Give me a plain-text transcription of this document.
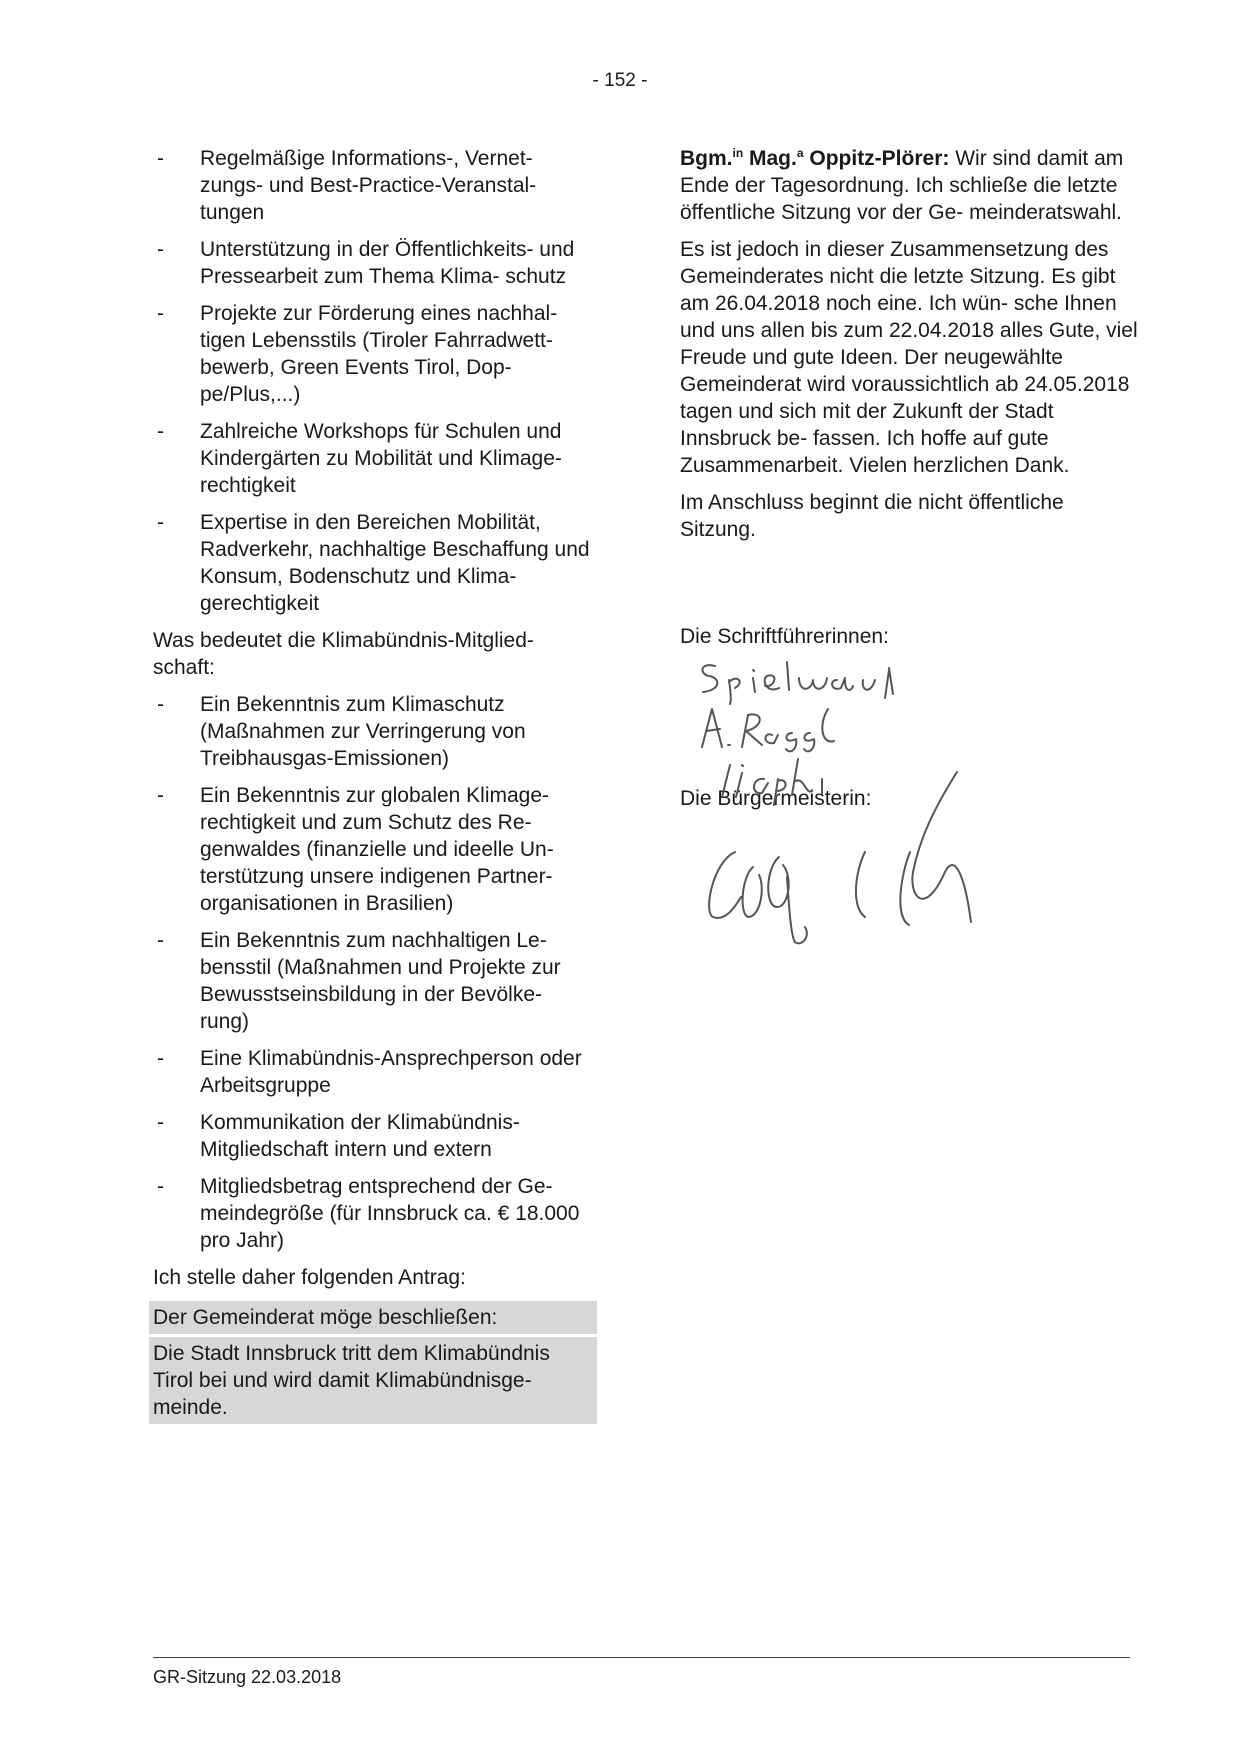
- 152 -
- Regelmäßige Informations-, Vernet- zungs- und Best-Practice-Veranstal- tungen
- Unterstützung in der Öffentlichkeits- und Pressearbeit zum Thema Klima- schutz
- Projekte zur Förderung eines nachhal- tigen Lebensstils (Tiroler Fahrradwett- bewerb, Green Events Tirol, Dop- pe/Plus,...)
- Zahlreiche Workshops für Schulen und Kindergärten zu Mobilität und Klimage- rechtigkeit
- Expertise in den Bereichen Mobilität, Radverkehr, nachhaltige Beschaffung und Konsum, Bodenschutz und Klima- gerechtigkeit

Was bedeutet die Klimabündnis-Mitglied- schaft:

- Ein Bekenntnis zum Klimaschutz (Maßnahmen zur Verringerung von Treibhausgas-Emissionen)
- Ein Bekenntnis zur globalen Klimage- rechtigkeit und zum Schutz des Re- genwaldes (finanzielle und ideelle Un- terstützung unsere indigenen Partner- organisationen in Brasilien)
- Ein Bekenntnis zum nachhaltigen Le- bensstil (Maßnahmen und Projekte zur Bewusstseinsbildung in der Bevölke- rung)
- Eine Klimabündnis-Ansprechperson oder Arbeitsgruppe
- Kommunikation der Klimabündnis- Mitgliedschaft intern und extern
- Mitgliedsbetrag entsprechend der Ge- meindegröße (für Innsbruck ca. € 18.000 pro Jahr)

Ich stelle daher folgenden Antrag:

Der Gemeinderat möge beschließen:
Die Stadt Innsbruck tritt dem Klimabündnis Tirol bei und wird damit Klimabündnisge- meinde.

Bgm.$^{in}$ Mag.$^a$ Oppitz-Plörer: Wir sind damit am Ende der Tagesordnung. Ich schließe die letzte öffentliche Sitzung vor der Ge- meinderatswahl.

Es ist jedoch in dieser Zusammensetzung des Gemeinderates nicht die letzte Sitzung. Es gibt am 26.04.2018 noch eine. Ich wün- sche Ihnen und uns allen bis zum 22.04.2018 alles Gute, viel Freude und gute Ideen. Der neugewählte Gemeinderat wird voraussichtlich ab 24.05.2018 tagen und sich mit der Zukunft der Stadt Innsbruck be- fassen. Ich hoffe auf gute Zusammenarbeit. Vielen herzlichen Dank.

Im Anschluss beginnt die nicht öffentliche Sitzung.

Die Schriftführerinnen:

Die Bürgermeisterin:

GR-Sitzung 22.03.2018
